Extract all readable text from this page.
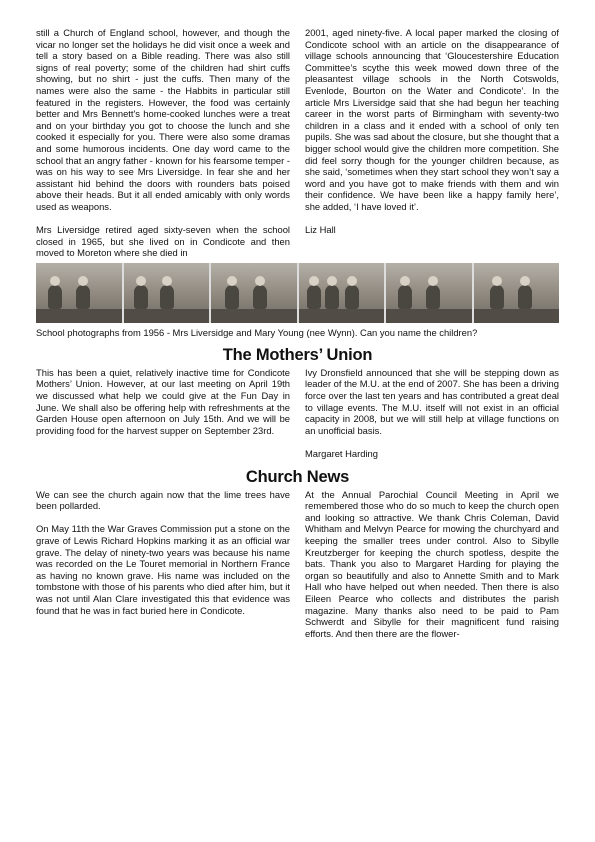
still a Church of England school, however, and though the vicar no longer set the holidays he did visit once a week and tell a story based on a Bible reading. There was also still signs of real poverty; some of the children had shirt cuffs showing, but no shirt - just the cuffs. Then many of the names were also the same - the Habbits in particular still featured in the registers. However, the food was certainly better and Mrs Bennett's home-cooked lunches were a treat and on your birthday you got to choose the lunch and she cooked it especially for you. There were also some dramas and some humorous incidents. One day word came to the school that an angry father - known for his fearsome temper - was on his way to see Mrs Liversidge. In fear she and her assistant hid behind the doors with rounders bats poised above their heads. But it all ended amicably with only words used as weapons.

Mrs Liversidge retired aged sixty-seven when the school closed in 1965, but she lived on in Condicote and then moved to Moreton where she died in

2001, aged ninety-five. A local paper marked the closing of Condicote school with an article on the disappearance of village schools announcing that ‘Gloucestershire Education Committee’s scythe this week mowed down three of the pleasantest village schools in the North Cotswolds, Evenlode, Bourton on the Water and Condicote’. In the article Mrs Liversidge said that she had begun her teaching career in the worst parts of Birmingham with seventy-two children in a class and it ended with a school of only ten pupils. She was sad about the closure, but she thought that a bigger school would give the children more competition. She did feel sorry though for the younger children because, as she said, ‘sometimes when they start school they won’t say a word and you have got to make friends with them and win their confidence. We have been like a happy family here’, she added, ‘I have loved it’.

Liz Hall

School photographs from 1956 - Mrs Liversidge and Mary Young (nee Wynn). Can you name the children?
The Mothers’ Union

This has been a quiet, relatively inactive time for Condicote Mothers’ Union. However, at our last meeting on April 19th we discussed what help we could give at the Fun Day in June. We shall also be offering help with refreshments at the Garden House open afternoon on July 15th. And we will be providing food for the harvest supper on September 23rd.

Ivy Dronsfield announced that she will be stepping down as leader of the M.U. at the end of 2007. She has been a driving force over the last ten years and has contributed a great deal to village events. The M.U. itself will not exist in an official capacity in 2008, but we will still help at village functions on an unofficial basis.

Margaret Harding

Church News

We can see the church again now that the lime trees have been pollarded.

On May 11th the War Graves Commission put a stone on the grave of Lewis Richard Hopkins marking it as an official war grave. The delay of ninety-two years was because his name was recorded on the Le Touret memorial in Northern France as having no known grave. His name was included on the tombstone with those of his parents who died after him, but it was not until Alan Clare investigated this that evidence was found that he was in fact buried here in Condicote.

At the Annual Parochial Council Meeting in April we remembered those who do so much to keep the church open and looking so attractive. We thank Chris Coleman, David Whitham and Melvyn Pearce for mowing the churchyard and keeping the smaller trees under control. Also to Sibylle Kreutzberger for keeping the church spotless, despite the bats. Thank you also to Margaret Harding for playing the organ so beautifully and also to Annette Smith and to Mark Hall who have helped out when needed. Then there is also Eileen Pearce who collects and distributes the parish magazine. Many thanks also need to be paid to Pam Schwerdt and Sibylle for their magnificent fund raising efforts. And then there are the flower-
